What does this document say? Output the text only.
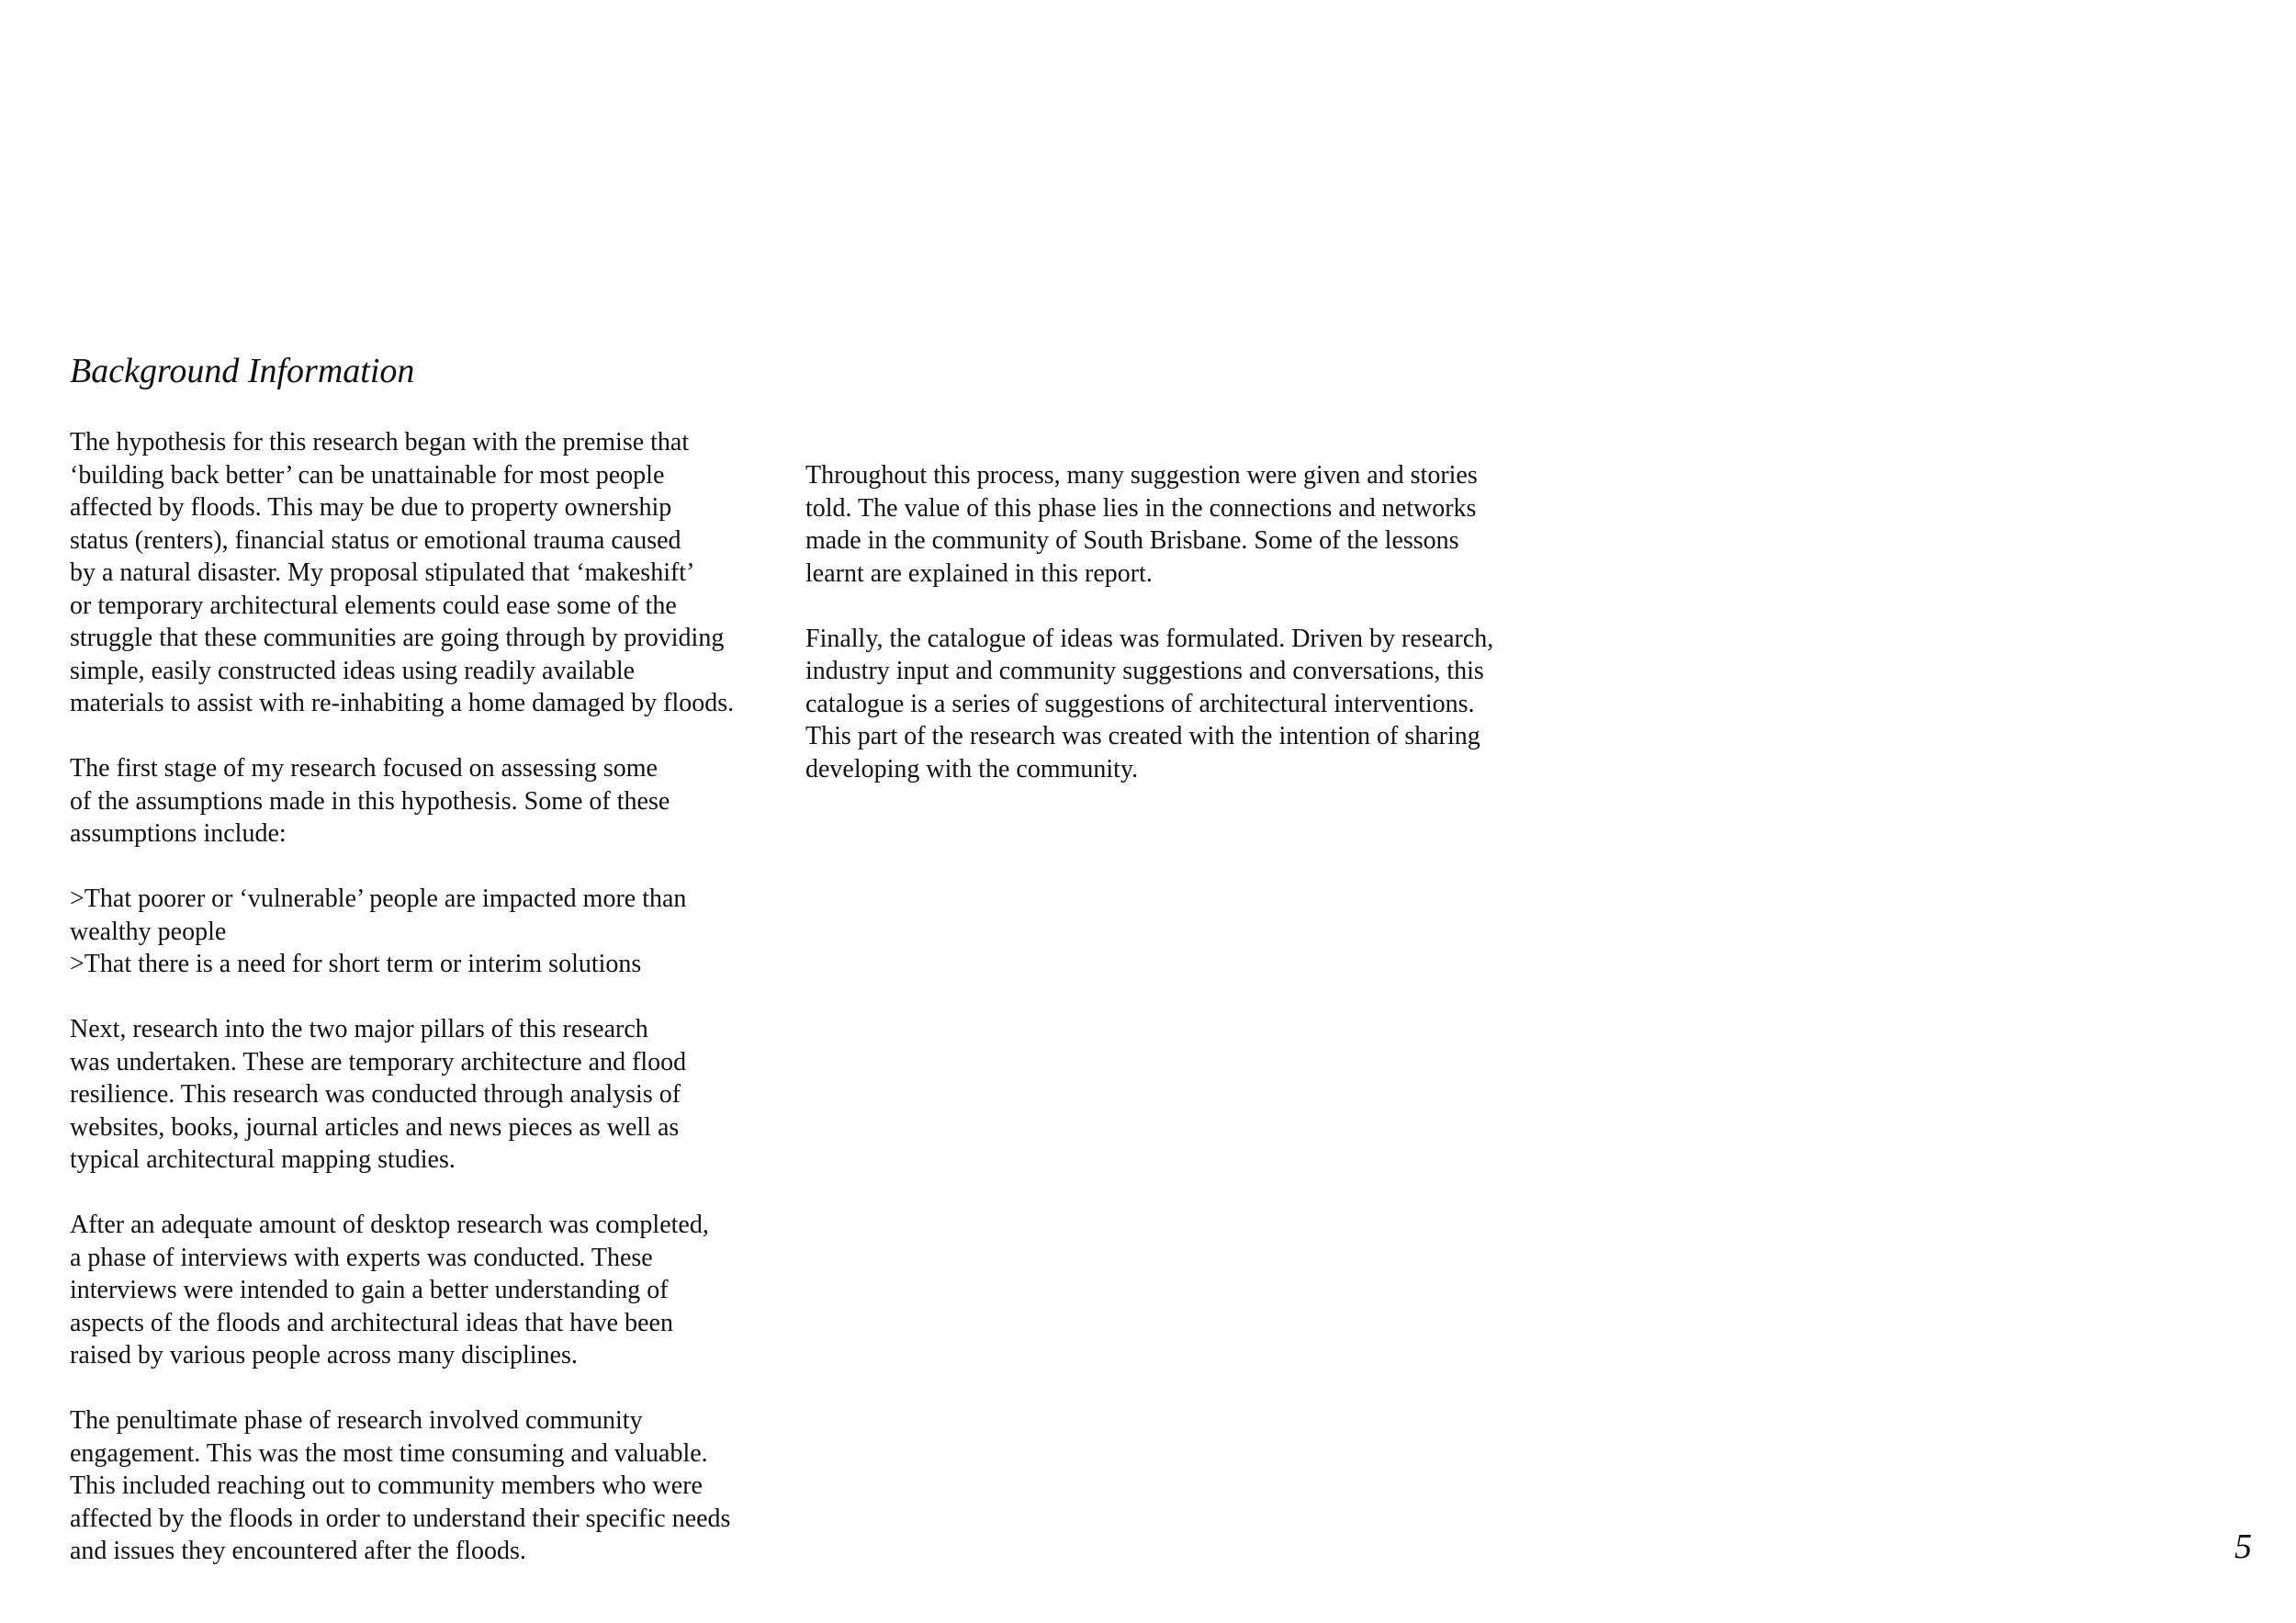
Background Information

The hypothesis for this research began with the premise that
‘building back better’ can be unattainable for most people
affected by floods. This may be due to property ownership
status (renters), financial status or emotional trauma caused
by a natural disaster. My proposal stipulated that ‘makeshift’
or temporary architectural elements could ease some of the
struggle that these communities are going through by providing
simple, easily constructed ideas using readily available
materials to assist with re-inhabiting a home damaged by floods.

The first stage of my research focused on assessing some
of the assumptions made in this hypothesis. Some of these
assumptions include:

>That poorer or ‘vulnerable’ people are impacted more than
wealthy people
>That there is a need for short term or interim solutions

Next, research into the two major pillars of this research
was undertaken. These are temporary architecture and flood
resilience. This research was conducted through analysis of
websites, books, journal articles and news pieces as well as
typical architectural mapping studies.

After an adequate amount of desktop research was completed,
a phase of interviews with experts was conducted. These
interviews were intended to gain a better understanding of
aspects of the floods and architectural ideas that have been
raised by various people across many disciplines.

The penultimate phase of research involved community
engagement. This was the most time consuming and valuable.
This included reaching out to community members who were
affected by the floods in order to understand their specific needs
and issues they encountered after the floods.

Throughout this process, many suggestion were given and stories
told. The value of this phase lies in the connections and networks
made in the community of South Brisbane. Some of the lessons
learnt are explained in this report.

Finally, the catalogue of ideas was formulated. Driven by research,
industry input and community suggestions and conversations, this
catalogue is a series of suggestions of architectural interventions.
This part of the research was created with the intention of sharing
developing with the community.

5
